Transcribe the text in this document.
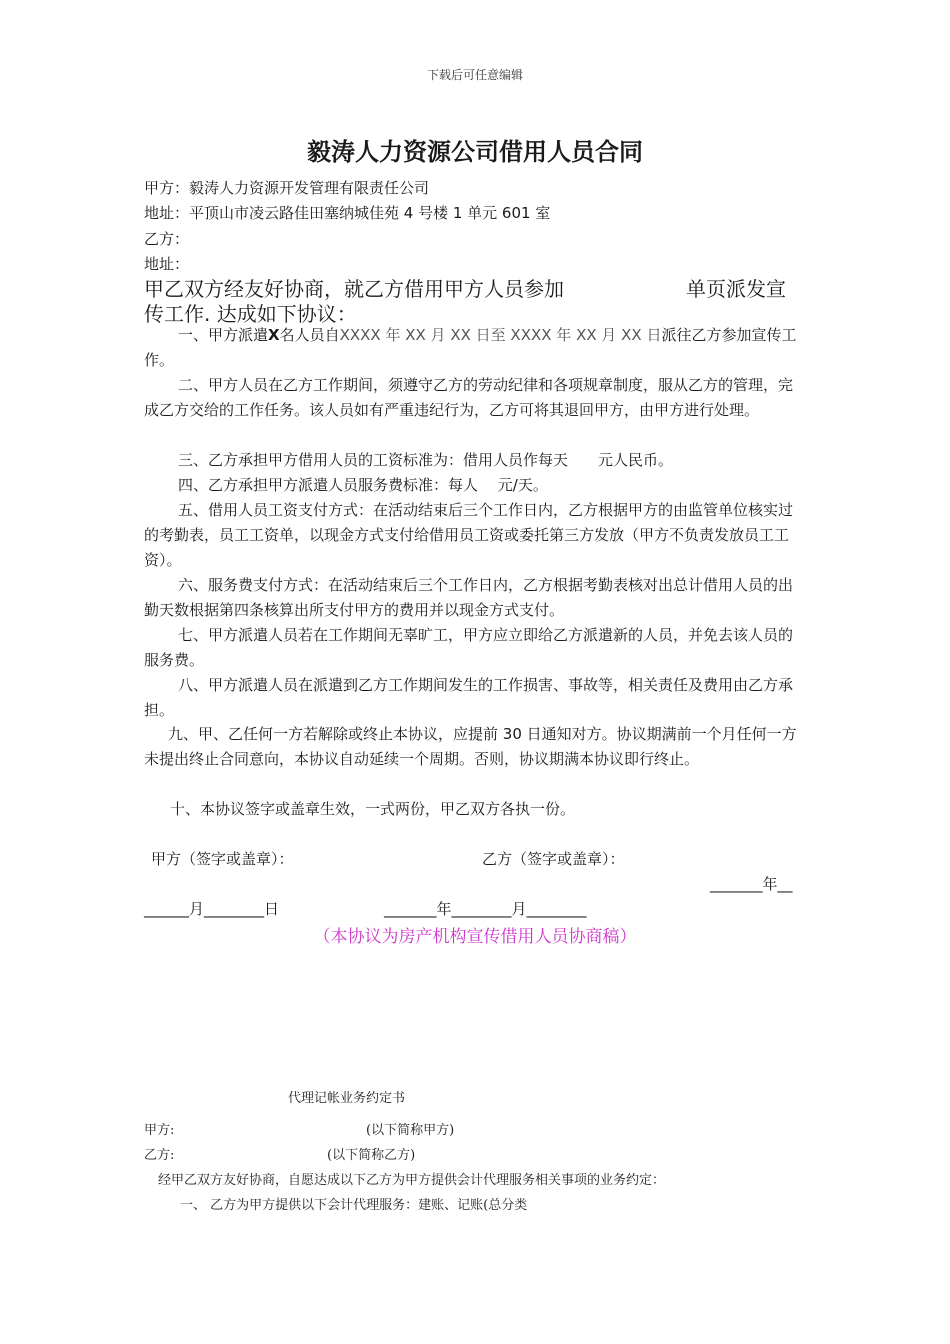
下载后可任意编辑
毅涛人力资源公司借用人员合同
甲方：毅涛人力资源开发管理有限责任公司
地址：平顶山市凌云路佳田塞纳城佳苑 4 号楼 1 单元 601 室
乙方：
地址：
甲乙双方经友好协商，就乙方借用甲方人员参加	单页派发宣
传工作. 达成如下协议：
一、甲方派遣X名人员自XXXX 年 XX 月 XX 日至 XXXX 年 XX 月 XX 日派往乙方参加宣传工作。
二、甲方人员在乙方工作期间，须遵守乙方的劳动纪律和各项规章制度，服从乙方的管理，完成乙方交给的工作任务。该人员如有严重违纪行为，乙方可将其退回甲方，由甲方进行处理。
三、乙方承担甲方借用人员的工资标准为：借用人员作每天　　元人民币。
四、乙方承担甲方派遣人员服务费标准：每人　 元/天。
五、借用人员工资支付方式：在活动结束后三个工作日内，乙方根据甲方的由监管单位核实过的考勤表，员工工资单，以现金方式支付给借用员工资或委托第三方发放（甲方不负责发放员工工资）。
六、服务费支付方式：在活动结束后三个工作日内，乙方根据考勤表核对出总计借用人员的出勤天数根据第四条核算出所支付甲方的费用并以现金方式支付。
七、甲方派遣人员若在工作期间无辜旷工，甲方应立即给乙方派遣新的人员，并免去该人员的服务费。
八、甲方派遣人员在派遣到乙方工作期间发生的工作损害、事故等，相关责任及费用由乙方承担。
九、甲、乙任何一方若解除或终止本协议，应提前 30 日通知对方。协议期满前一个月任何一方未提出终止合同意向，本协议自动延续一个周期。否则，协议期满本协议即行终止。
十、本协议签字或盖章生效，一式两份，甲乙双方各执一份。
甲方（签字或盖章）：	乙方（签字或盖章）：
_______年__
______月________日	_______年________月________
（本协议为房产机构宣传借用人员协商稿）
代理记帐业务约定书
甲方:	(以下简称甲方)
乙方:	(以下简称乙方)
经甲乙双方友好协商，自愿达成以下乙方为甲方提供会计代理服务相关事项的业务约定：
一、 乙方为甲方提供以下会计代理服务：建账、记账(总分类
